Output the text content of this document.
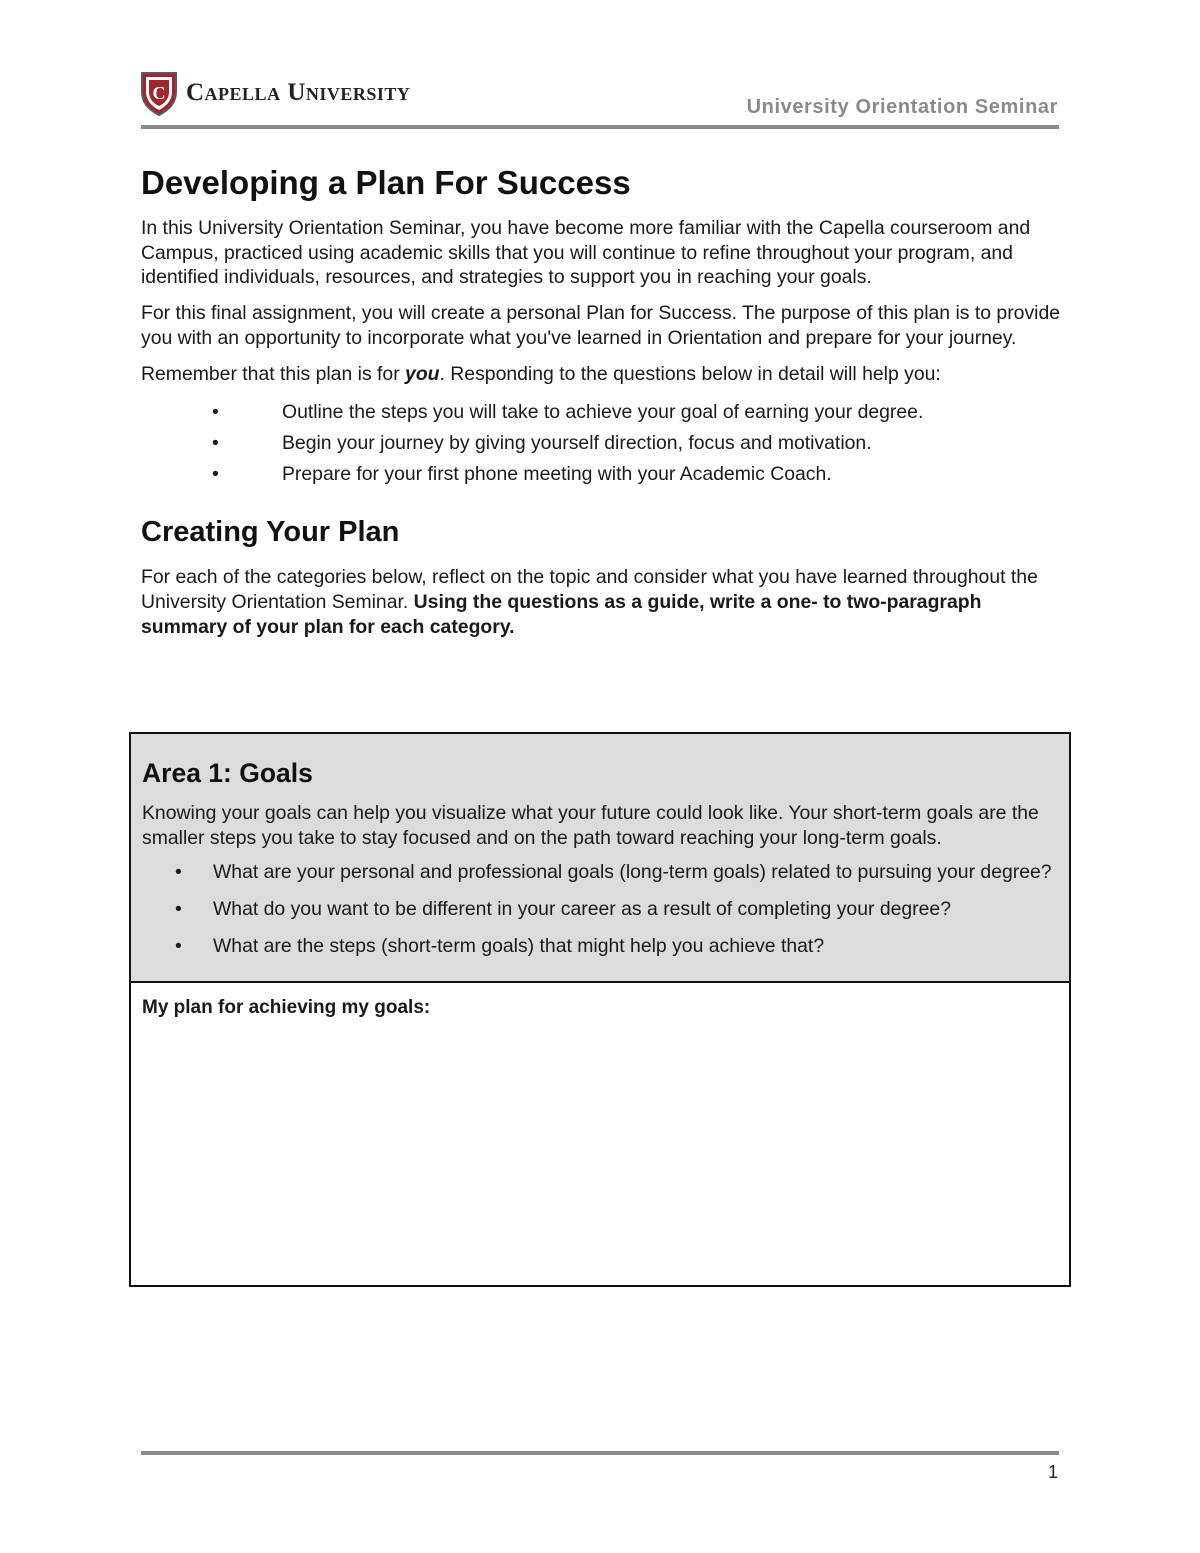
C Capella University
University Orientation Seminar
Developing a Plan For Success

In this University Orientation Seminar, you have become more familiar with the Capella courseroom and Campus, practiced using academic skills that you will continue to refine throughout your program, and identified individuals, resources, and strategies to support you in reaching your goals.

For this final assignment, you will create a personal Plan for Success. The purpose of this plan is to provide you with an opportunity to incorporate what you've learned in Orientation and prepare for your journey.

Remember that this plan is for you. Responding to the questions below in detail will help you:

•	Outline the steps you will take to achieve your goal of earning your degree.
•	Begin your journey by giving yourself direction, focus and motivation.
•	Prepare for your first phone meeting with your Academic Coach.
Creating Your Plan

For each of the categories below, reflect on the topic and consider what you have learned throughout the University Orientation Seminar. Using the questions as a guide, write a one- to two-paragraph summary of your plan for each category.

Area 1: Goals

Knowing your goals can help you visualize what your future could look like. Your short-term goals are the smaller steps you take to stay focused and on the path toward reaching your long-term goals.

• What are your personal and professional goals (long-term goals) related to pursuing your degree?
• What do you want to be different in your career as a result of completing your degree?
• What are the steps (short-term goals) that might help you achieve that?
My plan for achieving my goals:
1
